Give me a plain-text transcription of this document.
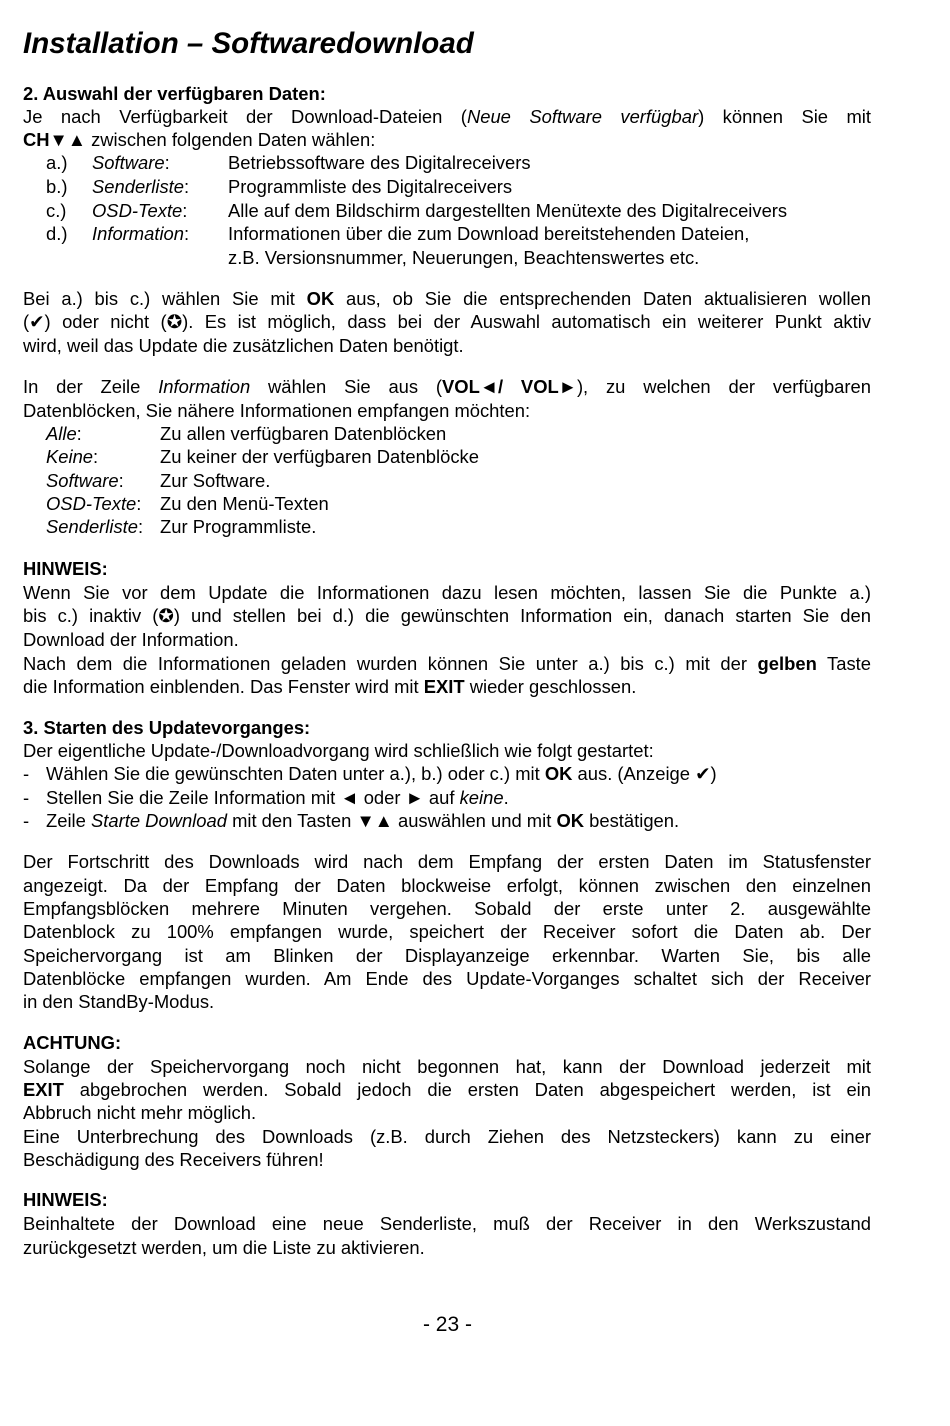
Installation – Softwaredownload
2. Auswahl der verfügbaren Daten:
Je nach Verfügbarkeit der Download-Dateien (Neue Software verfügbar) können Sie mit
CH▼▲ zwischen folgenden Daten wählen:
a.) Software:	Betriebssoftware des Digitalreceivers
b.) Senderliste: Programmliste des Digitalreceivers
c.) OSD-Texte: Alle auf dem Bildschirm dargestellten Menütexte des Digitalreceivers
d.) Information: Informationen über die zum Download bereitstehenden Dateien,
z.B. Versionsnummer, Neuerungen, Beachtenswertes etc.
Bei a.) bis c.) wählen Sie mit OK aus, ob Sie die entsprechenden Daten aktualisieren wollen
(✔) oder nicht (✪). Es ist möglich, dass bei der Auswahl automatisch ein weiterer Punkt aktiv
wird, weil das Update die zusätzlichen Daten benötigt.
In der Zeile Information wählen Sie aus (VOL◄/ VOL►), zu welchen der verfügbaren
Datenblöcken, Sie nähere Informationen empfangen möchten:
Alle:	Zu allen verfügbaren Datenblöcken
Keine:	Zu keiner der verfügbaren Datenblöcke
Software: Zur Software.
OSD-Texte: Zu den Menü-Texten
Senderliste: Zur Programmliste.
HINWEIS:
Wenn Sie vor dem Update die Informationen dazu lesen möchten, lassen Sie die Punkte a.)
bis c.) inaktiv (✪) und stellen bei d.) die gewünschten Information ein, danach starten Sie den
Download der Information.
Nach dem die Informationen geladen wurden können Sie unter a.) bis c.) mit der gelben Taste
die Information einblenden. Das Fenster wird mit EXIT wieder geschlossen.
3. Starten des Updatevorganges:
Der eigentliche Update-/Downloadvorgang wird schließlich wie folgt gestartet:
- Wählen Sie die gewünschten Daten unter a.), b.) oder c.) mit OK aus. (Anzeige ✔)
- Stellen Sie die Zeile Information mit ◄ oder ► auf keine.
- Zeile Starte Download mit den Tasten ▼▲ auswählen und mit OK bestätigen.
Der Fortschritt des Downloads wird nach dem Empfang der ersten Daten im Statusfenster
angezeigt. Da der Empfang der Daten blockweise erfolgt, können zwischen den einzelnen
Empfangsblöcken mehrere Minuten vergehen. Sobald der erste unter 2. ausgewählte
Datenblock zu 100% empfangen wurde, speichert der Receiver sofort die Daten ab. Der
Speichervorgang ist am Blinken der Displayanzeige erkennbar. Warten Sie, bis alle
Datenblöcke empfangen wurden. Am Ende des Update-Vorganges schaltet sich der Receiver
in den StandBy-Modus.
ACHTUNG:
Solange der Speichervorgang noch nicht begonnen hat, kann der Download jederzeit mit
EXIT abgebrochen werden. Sobald jedoch die ersten Daten abgespeichert werden, ist ein
Abbruch nicht mehr möglich.
Eine Unterbrechung des Downloads (z.B. durch Ziehen des Netzsteckers) kann zu einer
Beschädigung des Receivers führen!
HINWEIS:
Beinhaltete der Download eine neue Senderliste, muß der Receiver in den Werkszustand
zurückgesetzt werden, um die Liste zu aktivieren.
- 23 -
